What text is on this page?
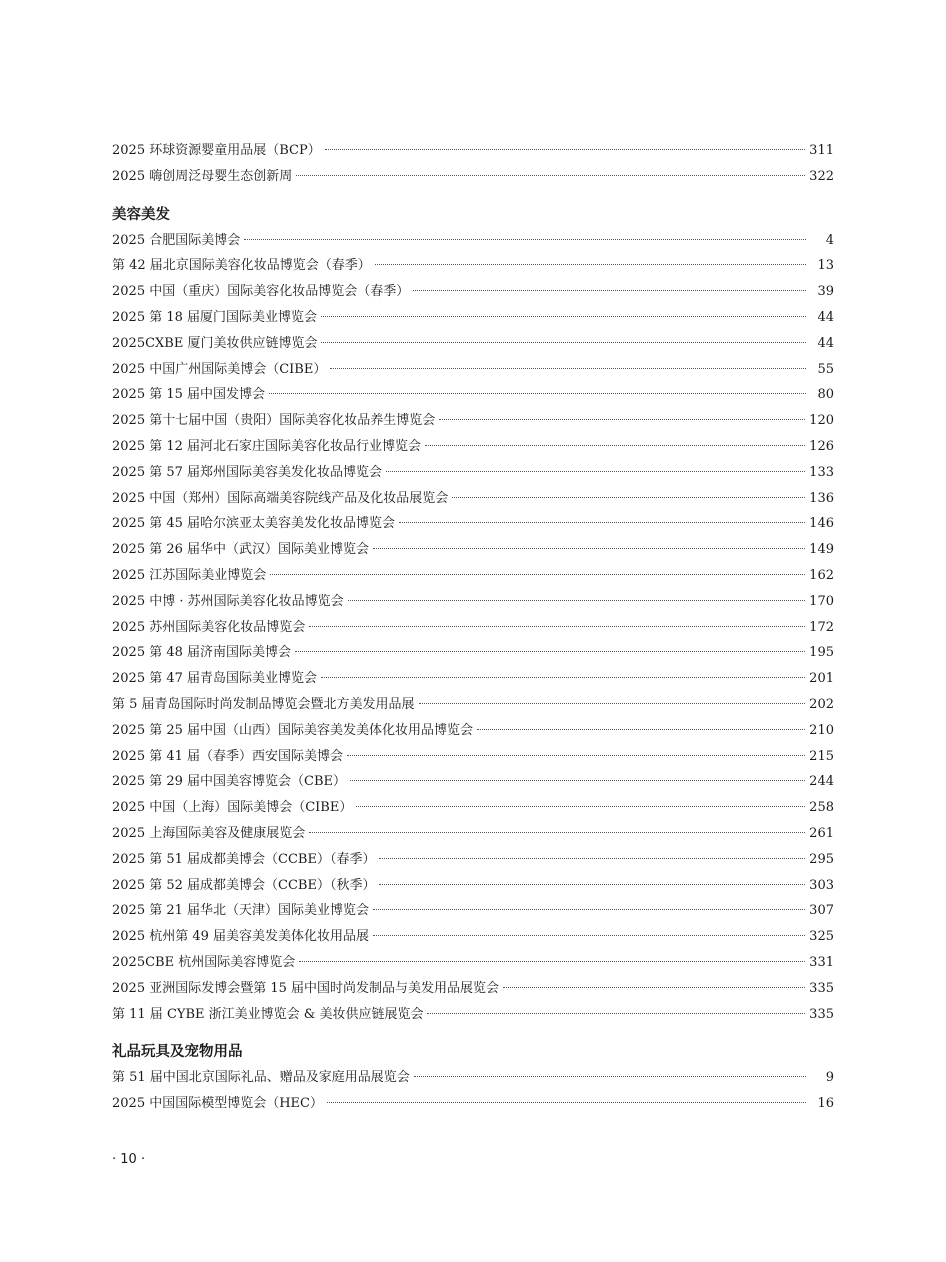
2025 环球资源婴童用品展（BCP）	311
2025 嗨创周泛母婴生态创新周	322
美容美发
2025 合肥国际美博会	4
第 42 届北京国际美容化妆品博览会（春季）	13
2025 中国（重庆）国际美容化妆品博览会（春季）	39
2025 第 18 届厦门国际美业博览会	44
2025CXBE 厦门美妆供应链博览会	44
2025 中国广州国际美博会（CIBE）	55
2025 第 15 届中国发博会	80
2025 第十七届中国（贵阳）国际美容化妆品养生博览会	120
2025 第 12 届河北石家庄国际美容化妆品行业博览会	126
2025 第 57 届郑州国际美容美发化妆品博览会	133
2025 中国（郑州）国际高端美容院线产品及化妆品展览会	136
2025 第 45 届哈尔滨亚太美容美发化妆品博览会	146
2025 第 26 届华中（武汉）国际美业博览会	149
2025 江苏国际美业博览会	162
2025 中博 · 苏州国际美容化妆品博览会	170
2025 苏州国际美容化妆品博览会	172
2025 第 48 届济南国际美博会	195
2025 第 47 届青岛国际美业博览会	201
第 5 届青岛国际时尚发制品博览会暨北方美发用品展	202
2025 第 25 届中国（山西）国际美容美发美体化妆用品博览会	210
2025 第 41 届（春季）西安国际美博会	215
2025 第 29 届中国美容博览会（CBE）	244
2025 中国（上海）国际美博会（CIBE）	258
2025 上海国际美容及健康展览会	261
2025 第 51 届成都美博会（CCBE）（春季）	295
2025 第 52 届成都美博会（CCBE）（秋季）	303
2025 第 21 届华北（天津）国际美业博览会	307
2025 杭州第 49 届美容美发美体化妆用品展	325
2025CBE 杭州国际美容博览会	331
2025 亚洲国际发博会暨第 15 届中国时尚发制品与美发用品展览会	335
第 11 届 CYBE 浙江美业博览会 & 美妆供应链展览会	335
礼品玩具及宠物用品
第 51 届中国北京国际礼品、赠品及家庭用品展览会	9
2025 中国国际模型博览会（HEC）	16
· 10 ·
